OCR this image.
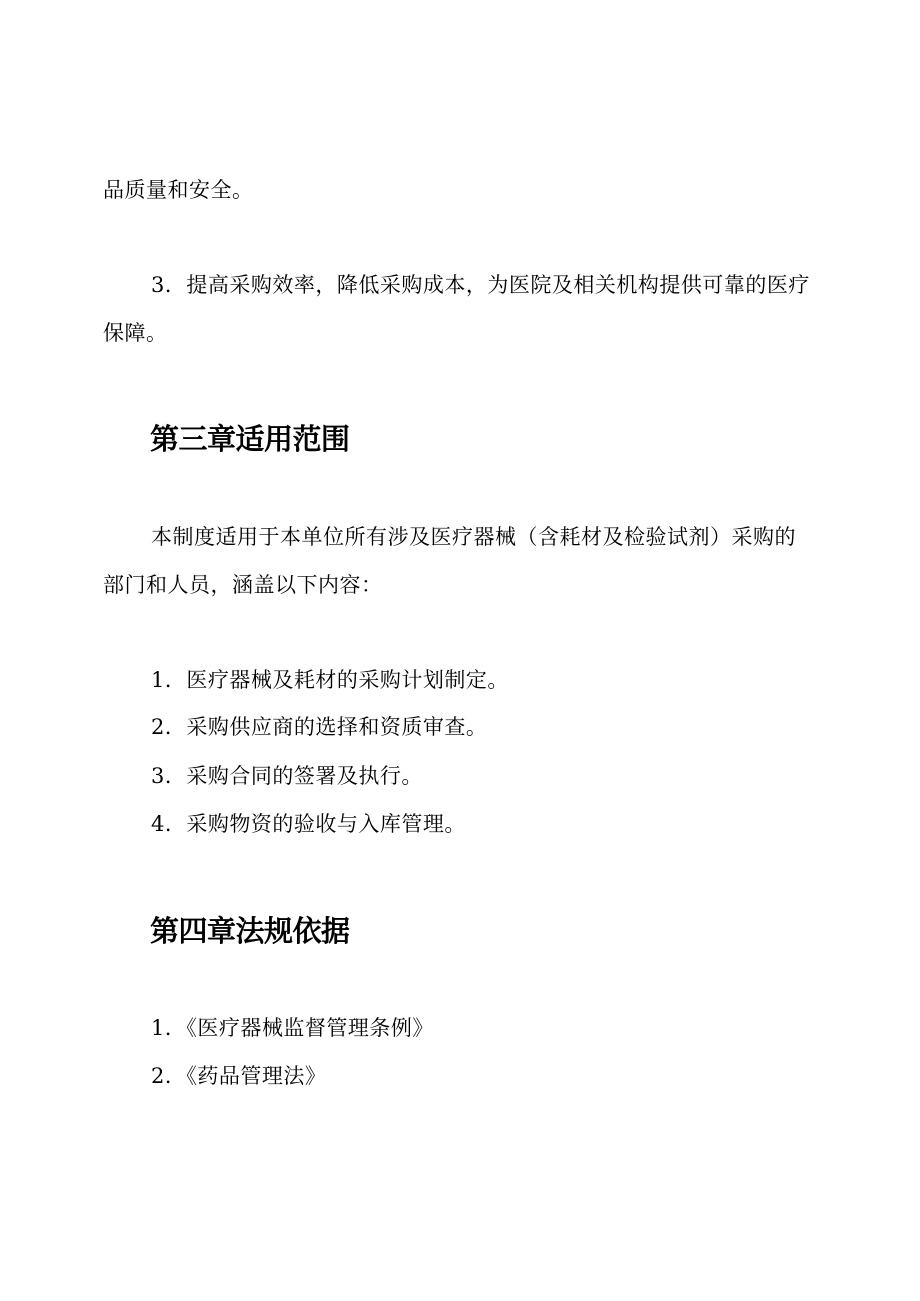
品质量和安全。
3．提高采购效率，降低采购成本，为医院及相关机构提供可靠的医疗
保障。
第三章适用范围
本制度适用于本单位所有涉及医疗器械（含耗材及检验试剂）采购的
部门和人员，涵盖以下内容：
1．医疗器械及耗材的采购计划制定。
2．采购供应商的选择和资质审查。
3．采购合同的签署及执行。
4．采购物资的验收与入库管理。
第四章法规依据
1．《医疗器械监督管理条例》
2．《药品管理法》
